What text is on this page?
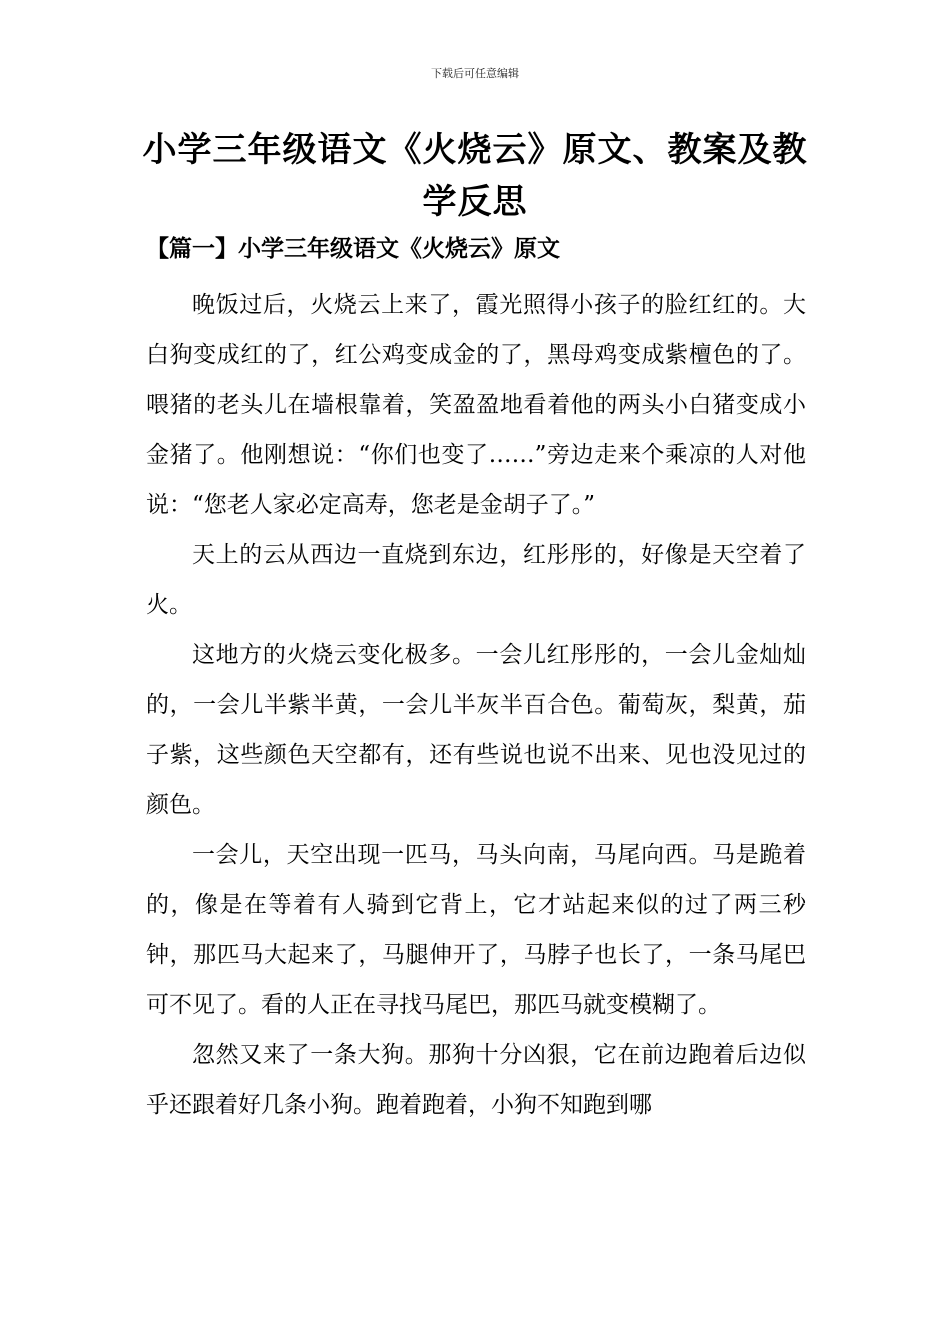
下载后可任意编辑
小学三年级语文《火烧云》原文、教案及教学反思
【篇一】小学三年级语文《火烧云》原文

晚饭过后，火烧云上来了，霞光照得小孩子的脸红红的。大白狗变成红的了，红公鸡变成金的了，黑母鸡变成紫檀色的了。喂猪的老头儿在墙根靠着，笑盈盈地看着他的两头小白猪变成小金猪了。他刚想说：“你们也变了……”旁边走来个乘凉的人对他说：“您老人家必定高寿，您老是金胡子了。”

天上的云从西边一直烧到东边，红彤彤的，好像是天空着了火。

这地方的火烧云变化极多。一会儿红彤彤的，一会儿金灿灿的，一会儿半紫半黄，一会儿半灰半百合色。葡萄灰，梨黄，茄子紫，这些颜色天空都有，还有些说也说不出来、见也没见过的颜色。

一会儿，天空出现一匹马，马头向南，马尾向西。马是跪着的，像是在等着有人骑到它背上，它才站起来似的过了两三秒钟，那匹马大起来了，马腿伸开了，马脖子也长了，一条马尾巴可不见了。看的人正在寻找马尾巴，那匹马就变模糊了。

忽然又来了一条大狗。那狗十分凶狠，它在前边跑着后边似乎还跟着好几条小狗。跑着跑着，小狗不知跑到哪
